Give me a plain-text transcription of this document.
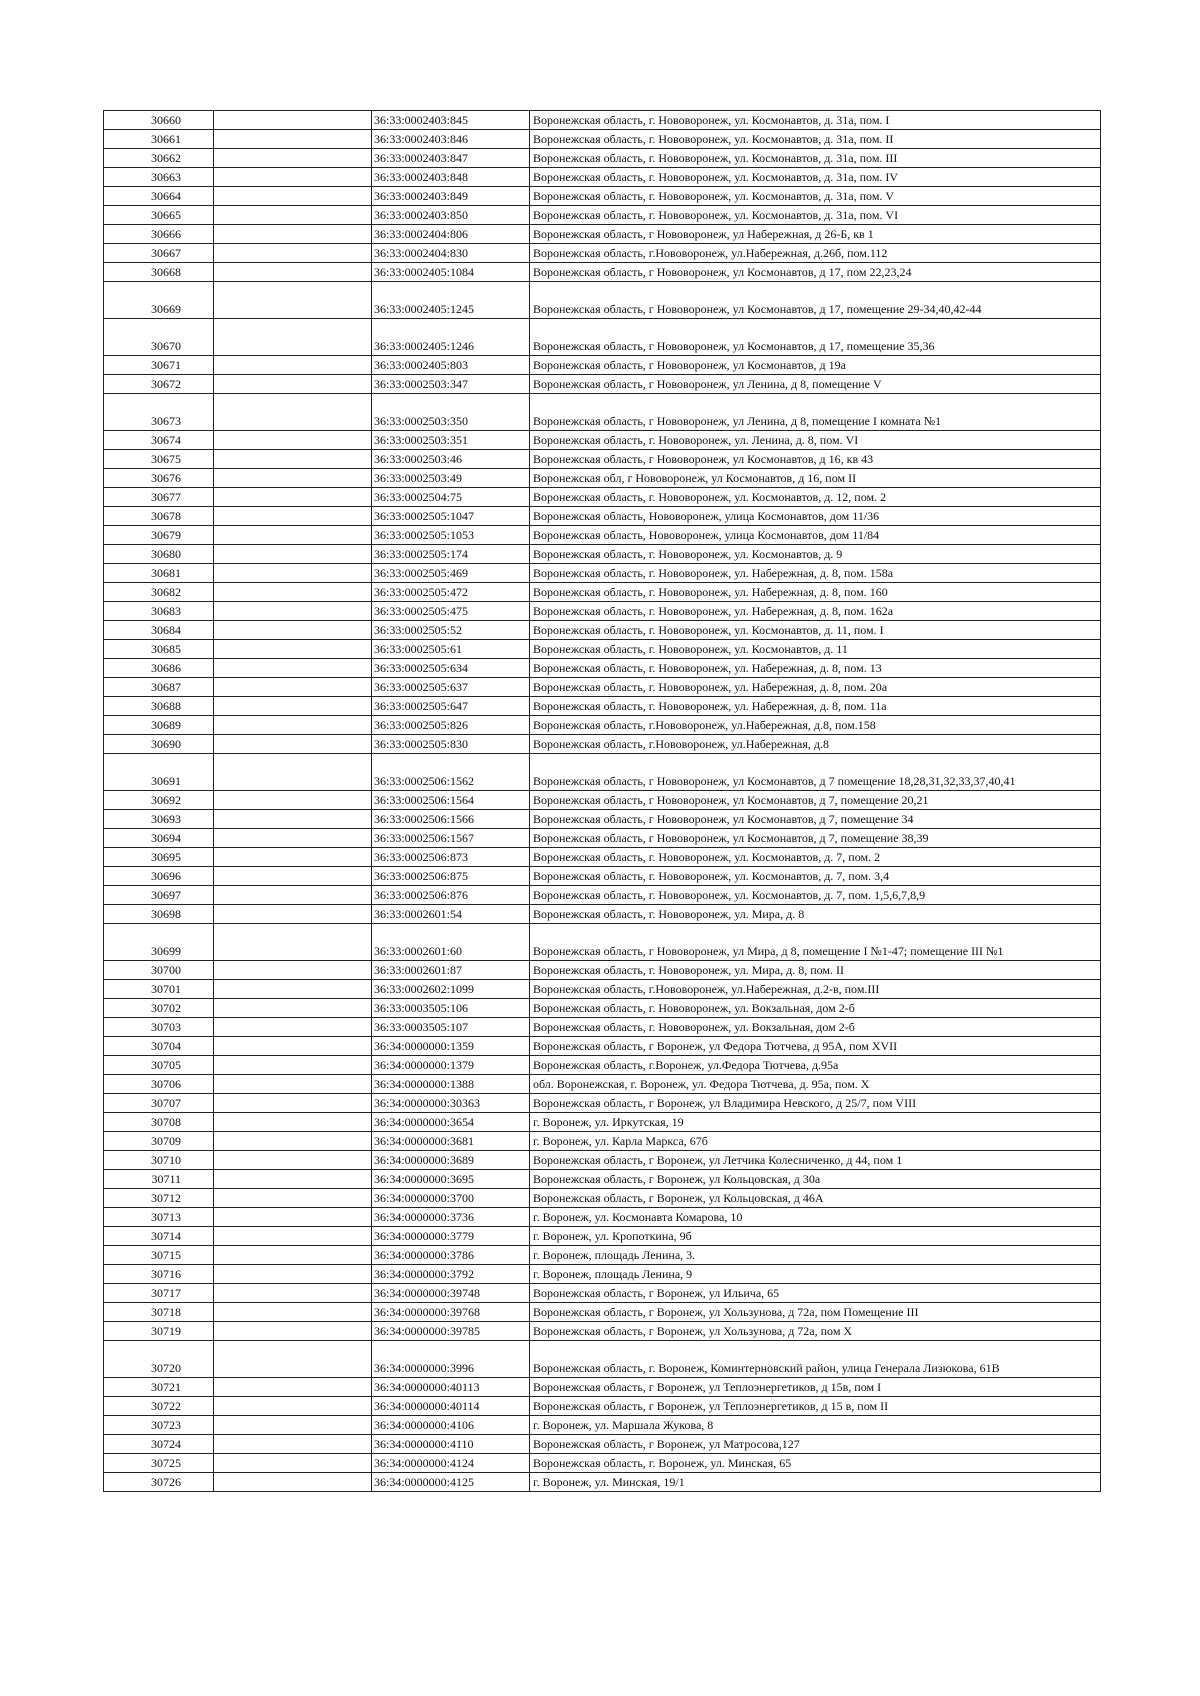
30660		36:33:0002403:845	Воронежская область, г. Нововоронеж, ул. Космонавтов, д. 31а, пом. I
30661		36:33:0002403:846	Воронежская область, г. Нововоронеж, ул. Космонавтов, д. 31а, пом. II
30662		36:33:0002403:847	Воронежская область, г. Нововоронеж, ул. Космонавтов, д. 31а, пом. III
30663		36:33:0002403:848	Воронежская область, г. Нововоронеж, ул. Космонавтов, д. 31а, пом. IV
30664		36:33:0002403:849	Воронежская область, г. Нововоронеж, ул. Космонавтов, д. 31а, пом. V
30665		36:33:0002403:850	Воронежская область, г. Нововоронеж, ул. Космонавтов, д. 31а, пом. VI
30666		36:33:0002404:806	Воронежская область, г Нововоронеж, ул Набережная, д 26-Б, кв 1
30667		36:33:0002404:830	Воронежская область, г.Нововоронеж, ул.Набережная, д.26б, пом.112
30668		36:33:0002405:1084	Воронежская область, г Нововоронеж, ул Космонавтов, д 17, пом 22,23,24
30669		36:33:0002405:1245	Воронежская область, г Нововоронеж, ул Космонавтов, д 17, помещение 29-34,40,42-44
30670		36:33:0002405:1246	Воронежская область, г Нововоронеж, ул Космонавтов, д 17, помещение 35,36
30671		36:33:0002405:803	Воронежская область, г Нововоронеж, ул Космонавтов, д 19а
30672		36:33:0002503:347	Воронежская область, г Нововоронеж, ул Ленина, д 8, помещение V
30673		36:33:0002503:350	Воронежская область, г Нововоронеж, ул Ленина, д 8, помещение I комната №1
30674		36:33:0002503:351	Воронежская область, г. Нововоронеж, ул. Ленина, д. 8, пом. VI
30675		36:33:0002503:46	Воронежская область, г Нововоронеж, ул Космонавтов, д 16, кв 43
30676		36:33:0002503:49	Воронежская обл, г Нововоронеж, ул Космонавтов, д 16, пом II
30677		36:33:0002504:75	Воронежская область, г. Нововоронеж, ул. Космонавтов, д. 12, пом. 2
30678		36:33:0002505:1047	Воронежская область, Нововоронеж, улица Космонавтов, дом 11/36
30679		36:33:0002505:1053	Воронежская область, Нововоронеж, улица Космонавтов, дом 11/84
30680		36:33:0002505:174	Воронежская область, г. Нововоронеж, ул. Космонавтов, д. 9
30681		36:33:0002505:469	Воронежская область, г. Нововоронеж, ул. Набережная, д. 8, пом. 158а
30682		36:33:0002505:472	Воронежская область, г. Нововоронеж, ул. Набережная, д. 8, пом. 160
30683		36:33:0002505:475	Воронежская область, г. Нововоронеж, ул. Набережная, д. 8, пом. 162а
30684		36:33:0002505:52	Воронежская область, г. Нововоронеж, ул. Космонавтов, д. 11, пом. I
30685		36:33:0002505:61	Воронежская область, г. Нововоронеж, ул. Космонавтов, д. 11
30686		36:33:0002505:634	Воронежская область, г. Нововоронеж, ул. Набережная, д. 8, пом. 13
30687		36:33:0002505:637	Воронежская область, г. Нововоронеж, ул. Набережная, д. 8, пом. 20а
30688		36:33:0002505:647	Воронежская область, г. Нововоронеж, ул. Набережная, д. 8, пом. 11а
30689		36:33:0002505:826	Воронежская область, г.Нововоронеж, ул.Набережная, д.8, пом.158
30690		36:33:0002505:830	Воронежская область, г.Нововоронеж, ул.Набережная, д.8
30691		36:33:0002506:1562	Воронежская область, г Нововоронеж, ул Космонавтов, д 7 помещение 18,28,31,32,33,37,40,41
30692		36:33:0002506:1564	Воронежская область, г Нововоронеж, ул Космонавтов, д 7, помещение 20,21
30693		36:33:0002506:1566	Воронежская область, г Нововоронеж, ул Космонавтов, д 7, помещение 34
30694		36:33:0002506:1567	Воронежская область, г Нововоронеж, ул Космонавтов, д 7, помещение 38,39
30695		36:33:0002506:873	Воронежская область, г. Нововоронеж, ул. Космонавтов, д. 7, пом. 2
30696		36:33:0002506:875	Воронежская область, г. Нововоронеж, ул. Космонавтов, д. 7, пом. 3,4
30697		36:33:0002506:876	Воронежская область, г. Нововоронеж, ул. Космонавтов, д. 7, пом. 1,5,6,7,8,9
30698		36:33:0002601:54	Воронежская область, г. Нововоронеж, ул. Мира, д. 8
30699		36:33:0002601:60	Воронежская область, г Нововоронеж, ул Мира, д 8, помещение I №1-47; помещение III №1
30700		36:33:0002601:87	Воронежская область, г. Нововоронеж, ул. Мира, д. 8, пом. II
30701		36:33:0002602:1099	Воронежская область, г.Нововоронеж, ул.Набережная, д.2-в, пом.III
30702		36:33:0003505:106	Воронежская область, г. Нововоронеж, ул. Вокзальная, дом 2-б
30703		36:33:0003505:107	Воронежская область, г. Нововоронеж, ул. Вокзальная, дом 2-б
30704		36:34:0000000:1359	Воронежская область, г Воронеж, ул Федора Тютчева, д 95А, пом XVII
30705		36:34:0000000:1379	Воронежская область, г.Воронеж, ул.Федора Тютчева, д.95а
30706		36:34:0000000:1388	обл. Воронежская, г. Воронеж, ул. Федора Тютчева, д. 95а, пом. X
30707		36:34:0000000:30363	Воронежская область, г Воронеж, ул Владимира Невского, д 25/7, пом VIII
30708		36:34:0000000:3654	г. Воронеж, ул. Иркутская, 19
30709		36:34:0000000:3681	г. Воронеж, ул. Карла Маркса, 67б
30710		36:34:0000000:3689	Воронежская область, г Воронеж, ул Летчика Колесниченко, д 44, пом 1
30711		36:34:0000000:3695	Воронежская область, г Воронеж, ул Кольцовская, д 30а
30712		36:34:0000000:3700	Воронежская область, г Воронеж, ул Кольцовская, д 46А
30713		36:34:0000000:3736	г. Воронеж, ул. Космонавта Комарова, 10
30714		36:34:0000000:3779	г. Воронеж, ул. Кропоткина, 9б
30715		36:34:0000000:3786	г. Воронеж, площадь Ленина, 3.
30716		36:34:0000000:3792	г. Воронеж, площадь Ленина, 9
30717		36:34:0000000:39748	Воронежская область, г Воронеж, ул Ильича, 65
30718		36:34:0000000:39768	Воронежская область, г Воронеж, ул Хользунова, д 72а, пом Помещение III
30719		36:34:0000000:39785	Воронежская область, г Воронеж, ул Хользунова, д 72а, пом X
30720		36:34:0000000:3996	Воронежская область, г. Воронеж, Коминтерновский район, улица Генерала Лизюкова, 61В
30721		36:34:0000000:40113	Воронежская область, г Воронеж, ул Теплоэнергетиков, д 15в, пом I
30722		36:34:0000000:40114	Воронежская область, г Воронеж, ул Теплоэнергетиков, д 15 в, пом II
30723		36:34:0000000:4106	г. Воронеж, ул. Маршала Жукова, 8
30724		36:34:0000000:4110	Воронежская область, г Воронеж, ул Матросова,127
30725		36:34:0000000:4124	Воронежская область, г. Воронеж, ул. Минская, 65
30726		36:34:0000000:4125	г. Воронеж, ул. Минская, 19/1
